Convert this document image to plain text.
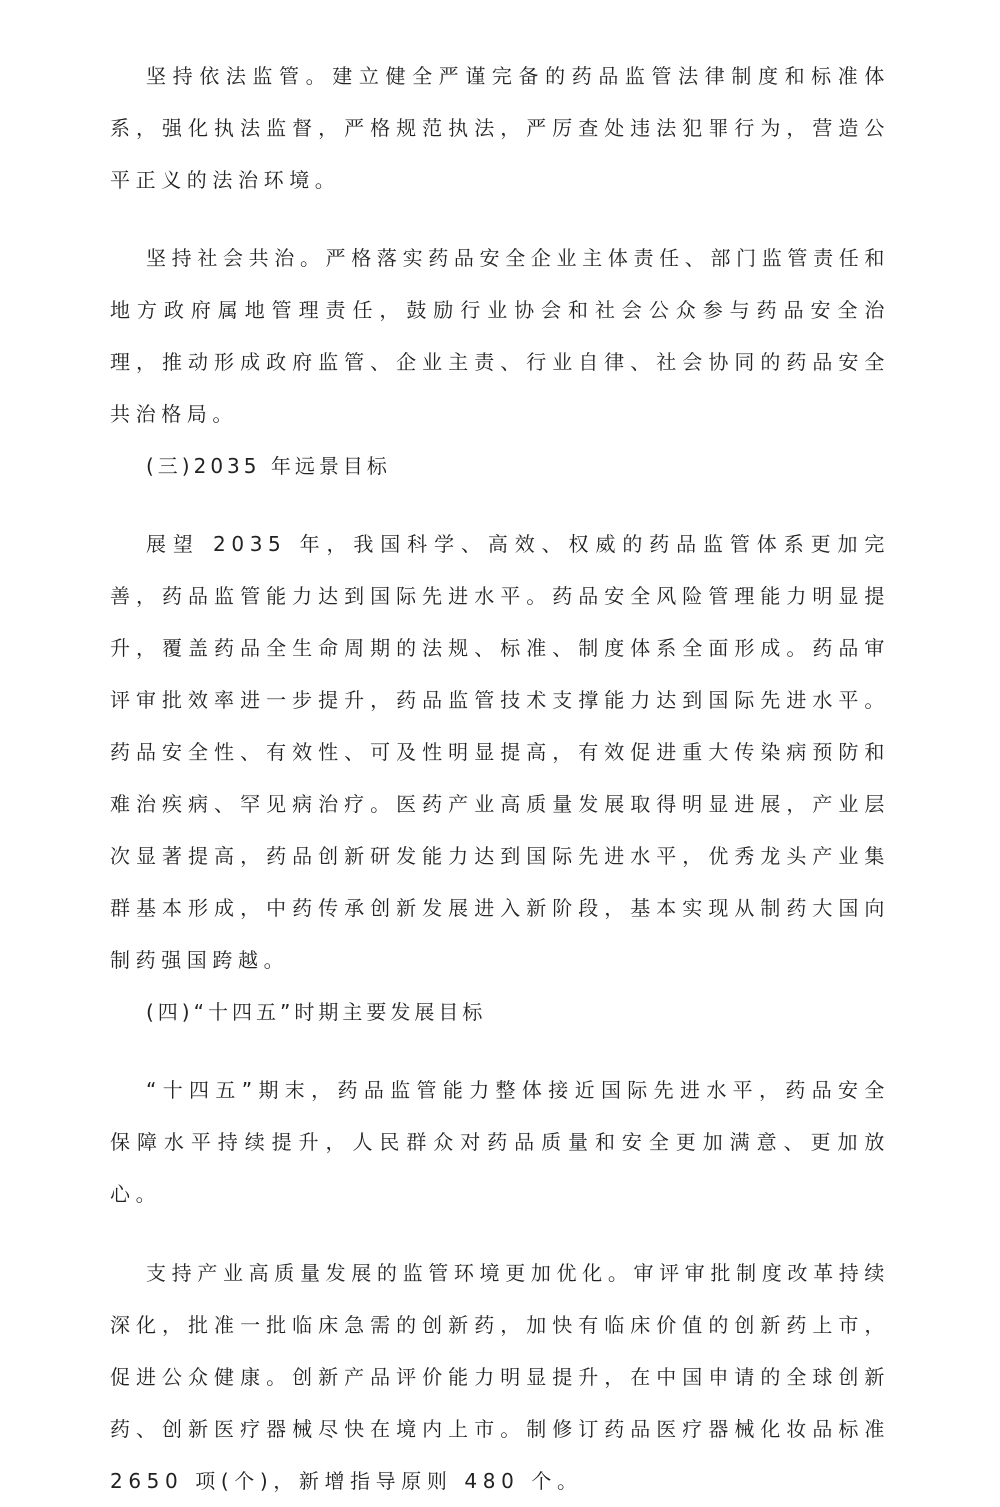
坚持依法监管。建立健全严谨完备的药品监管法律制度和标准体系，强化执法监督，严格规范执法，严厉查处违法犯罪行为，营造公平正义的法治环境。

坚持社会共治。严格落实药品安全企业主体责任、部门监管责任和地方政府属地管理责任，鼓励行业协会和社会公众参与药品安全治理，推动形成政府监管、企业主责、行业自律、社会协同的药品安全共治格局。

(三)2035 年远景目标

展望 2035 年，我国科学、高效、权威的药品监管体系更加完善，药品监管能力达到国际先进水平。药品安全风险管理能力明显提升，覆盖药品全生命周期的法规、标准、制度体系全面形成。药品审评审批效率进一步提升，药品监管技术支撑能力达到国际先进水平。药品安全性、有效性、可及性明显提高，有效促进重大传染病预防和难治疾病、罕见病治疗。医药产业高质量发展取得明显进展，产业层次显著提高，药品创新研发能力达到国际先进水平，优秀龙头产业集群基本形成，中药传承创新发展进入新阶段，基本实现从制药大国向制药强国跨越。

(四)“十四五”时期主要发展目标

“十四五”期末，药品监管能力整体接近国际先进水平，药品安全保障水平持续提升，人民群众对药品质量和安全更加满意、更加放心。

支持产业高质量发展的监管环境更加优化。审评审批制度改革持续深化，批准一批临床急需的创新药，加快有临床价值的创新药上市，促进公众健康。创新产品评价能力明显提升，在中国申请的全球创新药、创新医疗器械尽快在境内上市。制修订药品医疗器械化妆品标准 2650 项(个)，新增指导原则 480 个。
